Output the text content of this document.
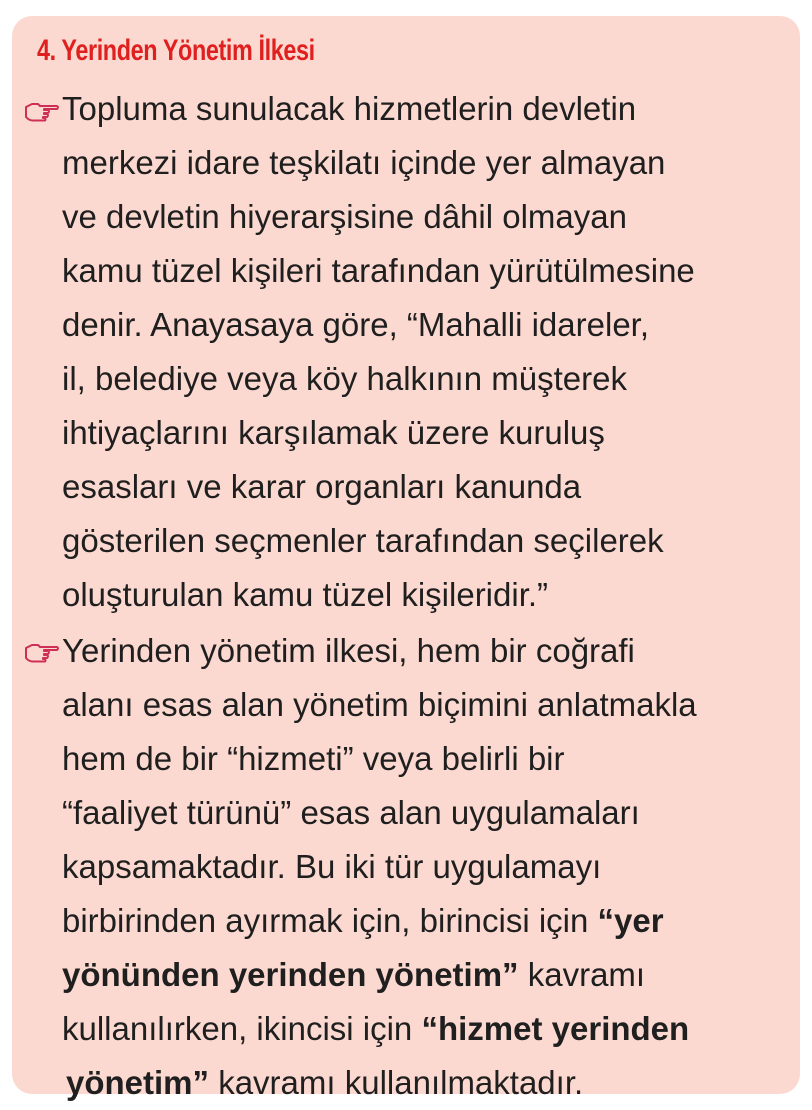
4. Yerinden Yönetim İlkesi
Topluma sunulacak hizmetlerin devletin
merkezi idare teşkilatı içinde yer almayan
ve devletin hiyerarşisine dâhil olmayan
kamu tüzel kişileri tarafından yürütülmesine
denir. Anayasaya göre, “Mahalli idareler,
il, belediye veya köy halkının müşterek
ihtiyaçlarını karşılamak üzere kuruluş
esasları ve karar organları kanunda
gösterilen seçmenler tarafından seçilerek
oluşturulan kamu tüzel kişileridir.”
Yerinden yönetim ilkesi, hem bir coğrafi
alanı esas alan yönetim biçimini anlatmakla
hem de bir “hizmeti” veya belirli bir
“faaliyet türünü” esas alan uygulamaları
kapsamaktadır. Bu iki tür uygulamayı
birbirinden ayırmak için, birincisi için “yer
yönünden yerinden yönetim” kavramı
kullanılırken, ikincisi için “hizmet yerinden
yönetim” kavramı kullanılmaktadır.
